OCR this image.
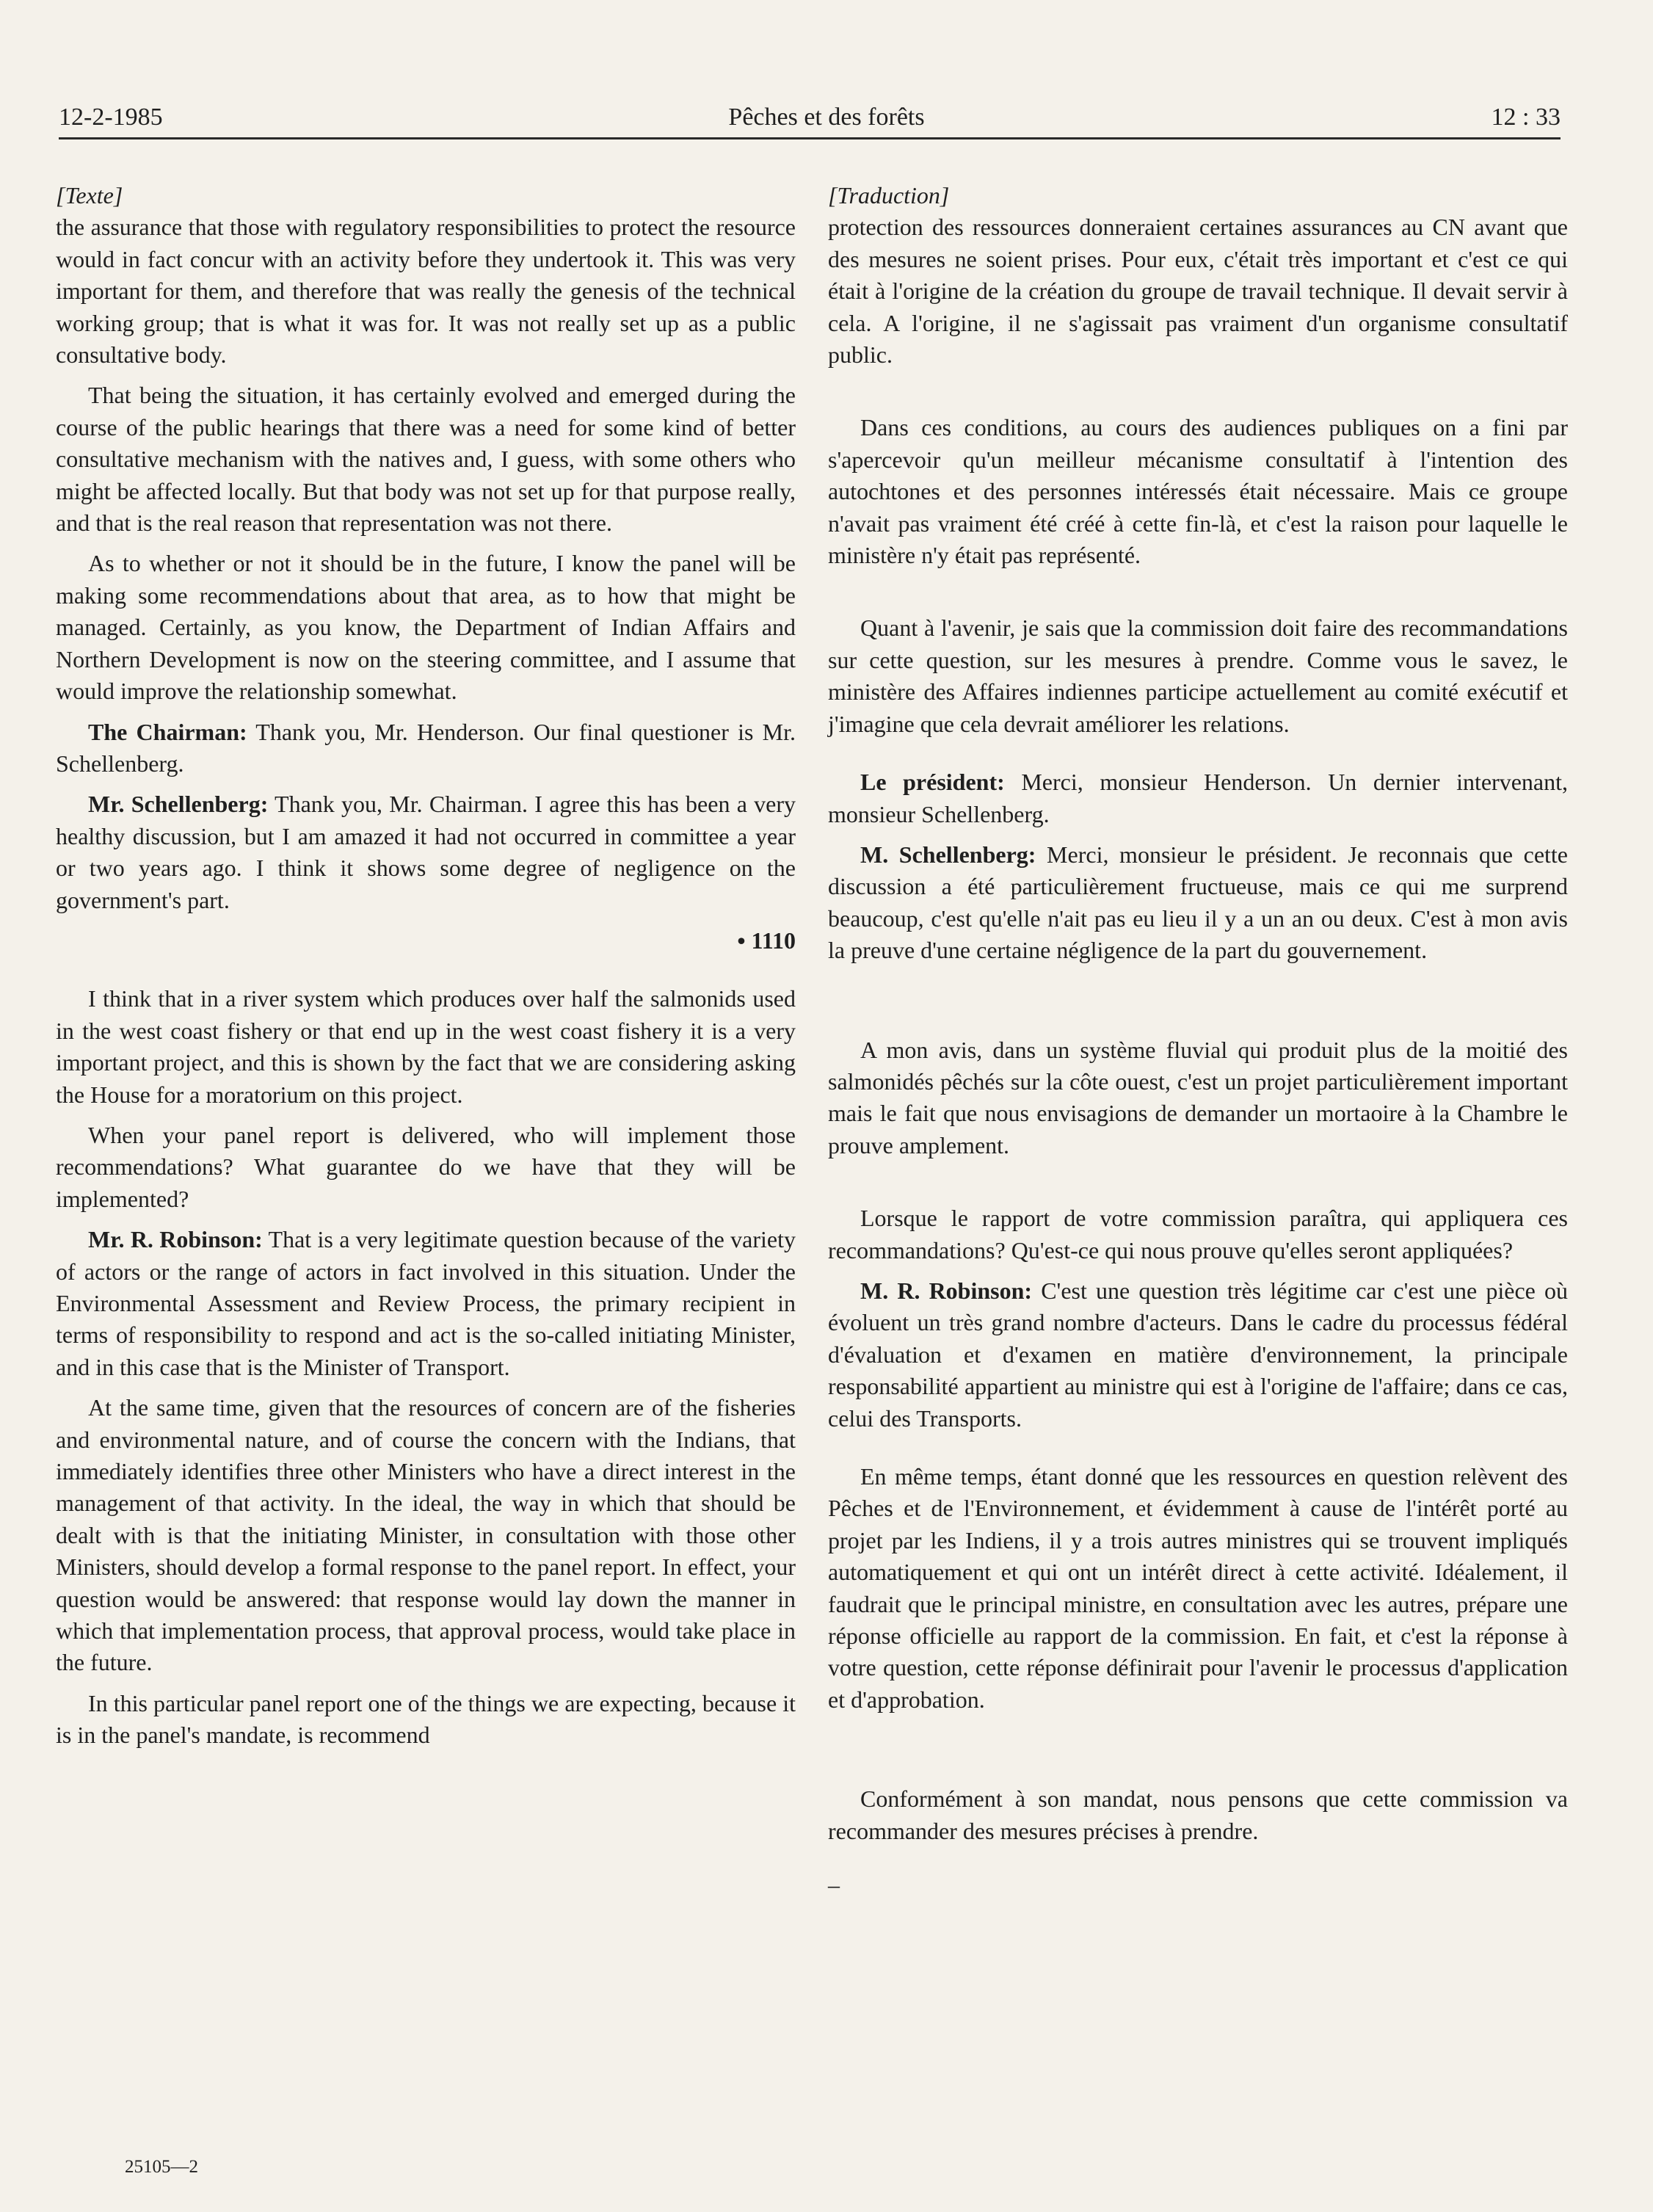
12-2-1985	Pêches et des forêts	12 : 33
[Texte]

the assurance that those with regulatory responsibilities to protect the resource would in fact concur with an activity before they undertook it. This was very important for them, and therefore that was really the genesis of the technical working group; that is what it was for. It was not really set up as a public consultative body.

That being the situation, it has certainly evolved and emerged during the course of the public hearings that there was a need for some kind of better consultative mechanism with the natives and, I guess, with some others who might be affected locally. But that body was not set up for that purpose really, and that is the real reason that representation was not there.

As to whether or not it should be in the future, I know the panel will be making some recommendations about that area, as to how that might be managed. Certainly, as you know, the Department of Indian Affairs and Northern Development is now on the steering committee, and I assume that would improve the relationship somewhat.

The Chairman: Thank you, Mr. Henderson. Our final questioner is Mr. Schellenberg.

Mr. Schellenberg: Thank you, Mr. Chairman. I agree this has been a very healthy discussion, but I am amazed it had not occurred in committee a year or two years ago. I think it shows some degree of negligence on the government's part.

• 1110

I think that in a river system which produces over half the salmonids used in the west coast fishery or that end up in the west coast fishery it is a very important project, and this is shown by the fact that we are considering asking the House for a moratorium on this project.

When your panel report is delivered, who will implement those recommendations? What guarantee do we have that they will be implemented?

Mr. R. Robinson: That is a very legitimate question because of the variety of actors or the range of actors in fact involved in this situation. Under the Environmental Assessment and Review Process, the primary recipient in terms of responsibility to respond and act is the so-called initiating Minister, and in this case that is the Minister of Transport.

At the same time, given that the resources of concern are of the fisheries and environmental nature, and of course the concern with the Indians, that immediately identifies three other Ministers who have a direct interest in the management of that activity. In the ideal, the way in which that should be dealt with is that the initiating Minister, in consultation with those other Ministers, should develop a formal response to the panel report. In effect, your question would be answered: that response would lay down the manner in which that implementation process, that approval process, would take place in the future.

In this particular panel report one of the things we are expecting, because it is in the panel's mandate, is recommend

[Traduction]

protection des ressources donneraient certaines assurances au CN avant que des mesures ne soient prises. Pour eux, c'était très important et c'est ce qui était à l'origine de la création du groupe de travail technique. Il devait servir à cela. A l'origine, il ne s'agissait pas vraiment d'un organisme consultatif public.

Dans ces conditions, au cours des audiences publiques on a fini par s'apercevoir qu'un meilleur mécanisme consultatif à l'intention des autochtones et des personnes intéressés était nécessaire. Mais ce groupe n'avait pas vraiment été créé à cette fin-là, et c'est la raison pour laquelle le ministère n'y était pas représenté.

Quant à l'avenir, je sais que la commission doit faire des recommandations sur cette question, sur les mesures à prendre. Comme vous le savez, le ministère des Affaires indiennes participe actuellement au comité exécutif et j'imagine que cela devrait améliorer les relations.

Le président: Merci, monsieur Henderson. Un dernier intervenant, monsieur Schellenberg.

M. Schellenberg: Merci, monsieur le président. Je reconnais que cette discussion a été particulièrement fructueuse, mais ce qui me surprend beaucoup, c'est qu'elle n'ait pas eu lieu il y a un an ou deux. C'est à mon avis la preuve d'une certaine négligence de la part du gouvernement.

A mon avis, dans un système fluvial qui produit plus de la moitié des salmonidés pêchés sur la côte ouest, c'est un projet particulièrement important mais le fait que nous envisagions de demander un mortaoire à la Chambre le prouve amplement.

Lorsque le rapport de votre commission paraîtra, qui appliquera ces recommandations? Qu'est-ce qui nous prouve qu'elles seront appliquées?

M. R. Robinson: C'est une question très légitime car c'est une pièce où évoluent un très grand nombre d'acteurs. Dans le cadre du processus fédéral d'évaluation et d'examen en matière d'environnement, la principale responsabilité appartient au ministre qui est à l'origine de l'affaire; dans ce cas, celui des Transports.

En même temps, étant donné que les ressources en question relèvent des Pêches et de l'Environnement, et évidemment à cause de l'intérêt porté au projet par les Indiens, il y a trois autres ministres qui se trouvent impliqués automatiquement et qui ont un intérêt direct à cette activité. Idéalement, il faudrait que le principal ministre, en consultation avec les autres, prépare une réponse officielle au rapport de la commission. En fait, et c'est la réponse à votre question, cette réponse définirait pour l'avenir le processus d'application et d'approbation.

Conformément à son mandat, nous pensons que cette commission va recommander des mesures précises à prendre.

–

25105—2
